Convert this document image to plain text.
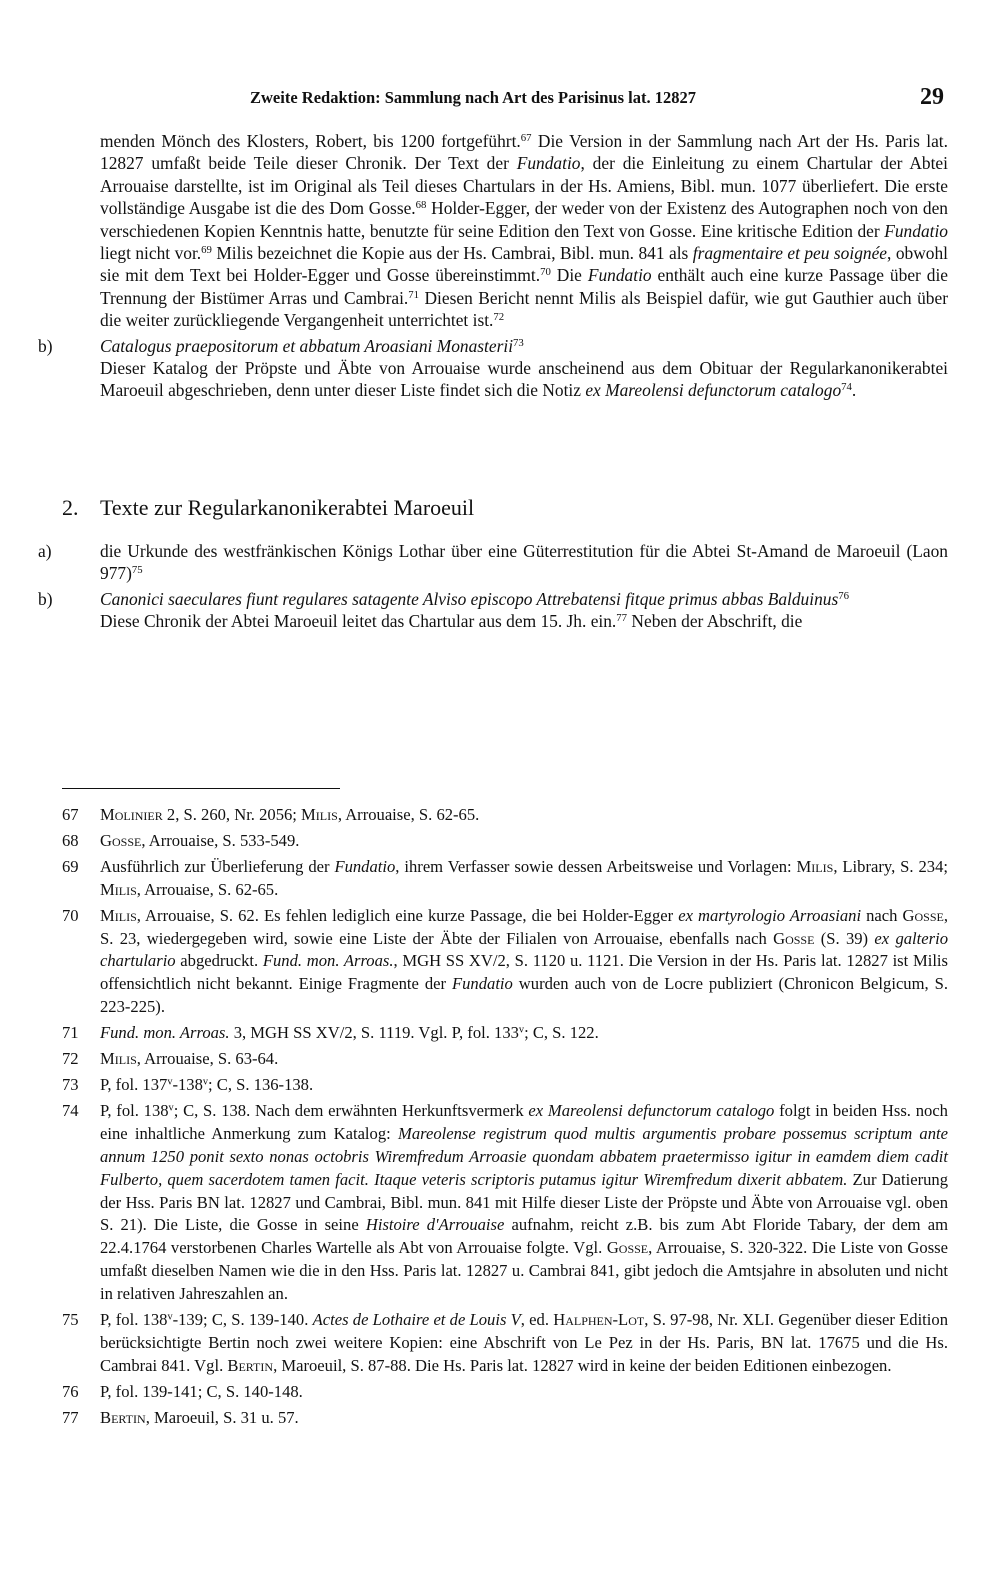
Zweite Redaktion: Sammlung nach Art des Parisinus lat. 12827	29

menden Mönch des Klosters, Robert, bis 1200 fortgeführt.$^{67}$ Die Version in der Sammlung nach Art der Hs. Paris lat. 12827 umfaßt beide Teile dieser Chronik. Der Text der Fundatio, der die Einleitung zu einem Chartular der Abtei Arrouaise darstellte, ist im Original als Teil dieses Chartulars in der Hs. Amiens, Bibl. mun. 1077 überliefert. Die erste vollständige Ausgabe ist die des Dom Gosse.$^{68}$ Holder-Egger, der weder von der Existenz des Autographen noch von den verschiedenen Kopien Kenntnis hatte, benutzte für seine Edition den Text von Gosse. Eine kritische Edition der Fundatio liegt nicht vor.$^{69}$ Milis bezeichnet die Kopie aus der Hs. Cambrai, Bibl. mun. 841 als fragmentaire et peu soignée, obwohl sie mit dem Text bei Holder-Egger und Gosse übereinstimmt.$^{70}$ Die Fundatio enthält auch eine kurze Passage über die Trennung der Bistümer Arras und Cambrai.$^{71}$ Diesen Bericht nennt Milis als Beispiel dafür, wie gut Gauthier auch über die weiter zurückliegende Vergangenheit unterrichtet ist.$^{72}$

b)	Catalogus praepositorum et abbatum Aroasiani Monasterii$^{73}$
Dieser Katalog der Pröpste und Äbte von Arrouaise wurde anscheinend aus dem Obituar der Regularkanonikerabtei Maroeuil abgeschrieben, denn unter dieser Liste findet sich die Notiz ex Mareolensi defunctorum catalogo$^{74}$.
2. Texte zur Regularkanonikerabtei Maroeuil
a)	die Urkunde des westfränkischen Königs Lothar über eine Güterrestitution für die Abtei St-Amand de Maroeuil (Laon 977)$^{75}$
b)	Canonici saeculares fiunt regulares satagente Alviso episcopo Attrebatensi fitque primus abbas Balduinus$^{76}$
Diese Chronik der Abtei Maroeuil leitet das Chartular aus dem 15. Jh. ein.$^{77}$ Neben der Abschrift, die
67 Molinier 2, S. 260, Nr. 2056; Milis, Arrouaise, S. 62-65.
68 Gosse, Arrouaise, S. 533-549.
69 Ausführlich zur Überlieferung der Fundatio, ihrem Verfasser sowie dessen Arbeitsweise und Vorlagen: Milis, Library, S. 234; Milis, Arrouaise, S. 62-65.
70 Milis, Arrouaise, S. 62. Es fehlen lediglich eine kurze Passage, die bei Holder-Egger ex martyrologio Arroasiani nach Gosse, S. 23, wiedergegeben wird, sowie eine Liste der Äbte der Filialen von Arrouaise, ebenfalls nach Gosse (S. 39) ex galterio chartulario abgedruckt. Fund. mon. Arroas., MGH SS XV/2, S. 1120 u. 1121. Die Version in der Hs. Paris lat. 12827 ist Milis offensichtlich nicht bekannt. Einige Fragmente der Fundatio wurden auch von de Locre publiziert (Chronicon Belgicum, S. 223-225).
71 Fund. mon. Arroas. 3, MGH SS XV/2, S. 1119. Vgl. P, fol. 133$^v$; C, S. 122.
72 Milis, Arrouaise, S. 63-64.
73 P, fol. 137$^v$-138$^v$; C, S. 136-138.
74 P, fol. 138$^v$; C, S. 138. Nach dem erwähnten Herkunftsvermerk ex Mareolensi defunctorum catalogo folgt in beiden Hss. noch eine inhaltliche Anmerkung zum Katalog: Mareolense registrum quod multis argumentis probare possemus scriptum ante annum 1250 ponit sexto nonas octobris Wiremfredum Arroasie quondam abbatem praetermisso igitur in eamdem diem cadit Fulberto, quem sacerdotem tamen facit. Itaque veteris scriptoris putamus igitur Wiremfredum dixerit abbatem. Zur Datierung der Hss. Paris BN lat. 12827 und Cambrai, Bibl. mun. 841 mit Hilfe dieser Liste der Pröpste und Äbte von Arrouaise vgl. oben S. 21). Die Liste, die Gosse in seine Histoire d'Arrouaise aufnahm, reicht z.B. bis zum Abt Floride Tabary, der dem am 22.4.1764 verstorbenen Charles Wartelle als Abt von Arrouaise folgte. Vgl. Gosse, Arrouaise, S. 320-322. Die Liste von Gosse umfaßt dieselben Namen wie die in den Hss. Paris lat. 12827 u. Cambrai 841, gibt jedoch die Amtsjahre in absoluten und nicht in relativen Jahreszahlen an.
75 P, fol. 138$^v$-139; C, S. 139-140. Actes de Lothaire et de Louis V, ed. Halphen-Lot, S. 97-98, Nr. XLI. Gegenüber dieser Edition berücksichtigte Bertin noch zwei weitere Kopien: eine Abschrift von Le Pez in der Hs. Paris, BN lat. 17675 und die Hs. Cambrai 841. Vgl. Bertin, Maroeuil, S. 87-88. Die Hs. Paris lat. 12827 wird in keine der beiden Editionen einbezogen.
76 P, fol. 139-141; C, S. 140-148.
77 Bertin, Maroeuil, S. 31 u. 57.
